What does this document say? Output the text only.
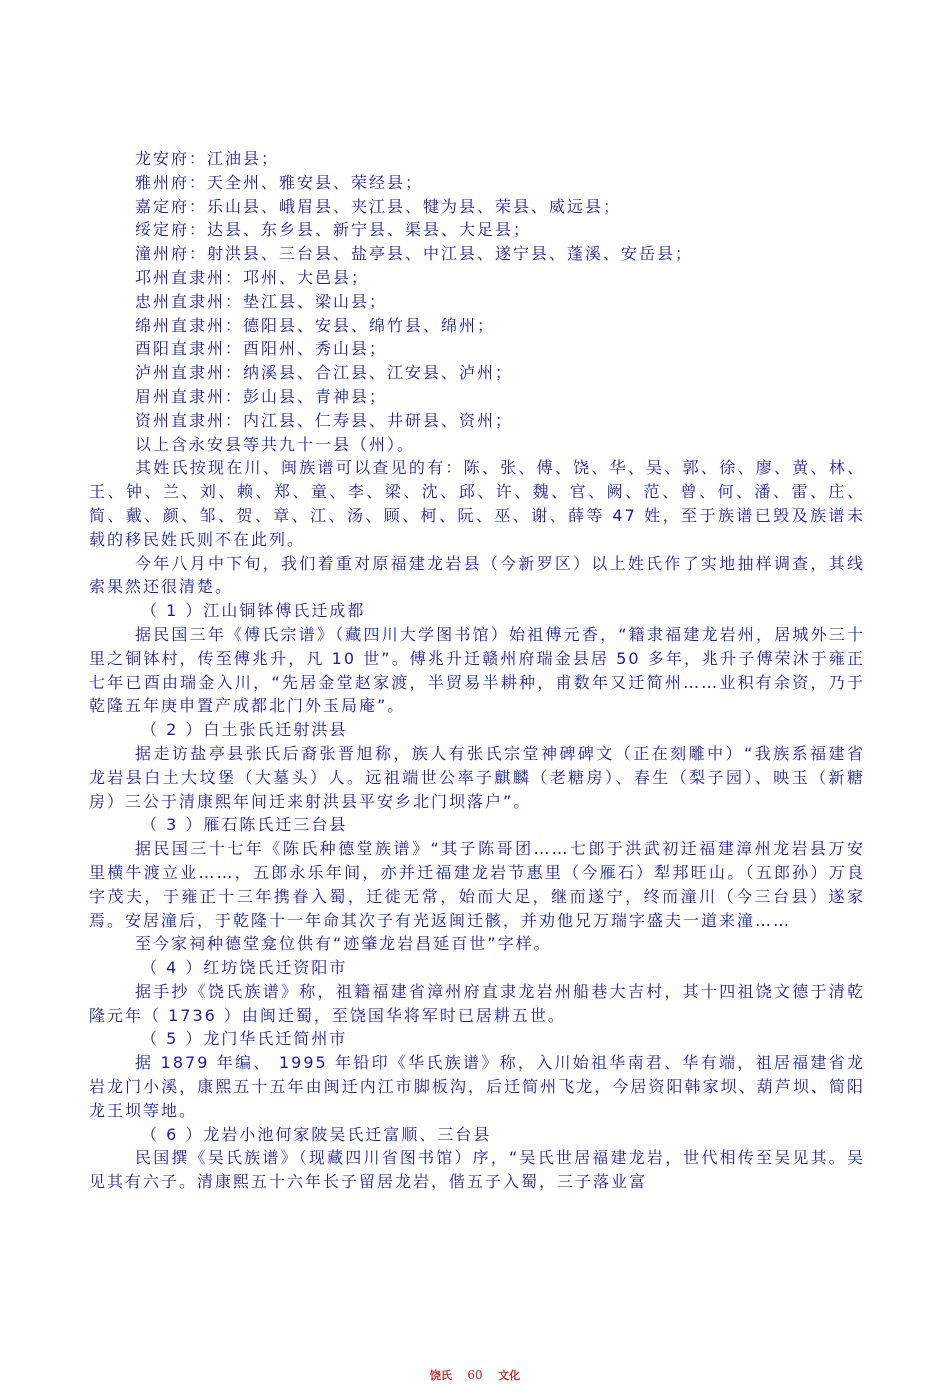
龙安府：江油县；

雅州府：天全州、雅安县、荣经县；

嘉定府：乐山县、峨眉县、夹江县、犍为县、荣县、威远县；

绥定府：达县、东乡县、新宁县、渠县、大足县；

潼州府：射洪县、三台县、盐亭县、中江县、遂宁县、蓬溪、安岳县；

邛州直隶州：邛州、大邑县；

忠州直隶州：垫江县、梁山县；

绵州直隶州：德阳县、安县、绵竹县、绵州；

酉阳直隶州：酉阳州、秀山县；

泸州直隶州：纳溪县、合江县、江安县、泸州；

眉州直隶州：彭山县、青神县；

资州直隶州：内江县、仁寿县、井研县、资州；

以上含永安县等共九十一县（州）。

其姓氏按现在川、闽族谱可以查见的有：陈、张、傅、饶、华、吴、郭、徐、廖、黄、林、王、钟、兰、刘、赖、郑、童、李、梁、沈、邱、许、魏、官、阙、范、曾、何、潘、雷、庄、简、戴、颜、邹、贺、章、江、汤、顾、柯、阮、巫、谢、薛等 47 姓，至于族谱已毁及族谱未载的移民姓氏则不在此列。

今年八月中下旬，我们着重对原福建龙岩县（今新罗区）以上姓氏作了实地抽样调查，其线索果然还很清楚。

（ 1 ）江山铜钵傅氏迁成都

据民国三年《傅氏宗谱》（藏四川大学图书馆）始祖傅元香，“籍隶福建龙岩州，居城外三十里之铜钵村，传至傅兆升，凡 10 世”。傅兆升迁赣州府瑞金县居 50 多年，兆升子傅荣沐于雍正七年已酉由瑞金入川，“先居金堂赵家渡，半贸易半耕种，甫数年又迁简州……业积有余资，乃于乾隆五年庚申置产成都北门外玉局庵”。

（ 2 ）白土张氏迁射洪县

据走访盐亭县张氏后裔张晋旭称，族人有张氏宗堂神碑碑文（正在刻雕中）“我族系福建省龙岩县白土大坟堡（大墓头）人。远祖端世公率子麒麟（老糖房）、春生（梨子园）、映玉（新糖房）三公于清康熙年间迁来射洪县平安乡北门坝落户”。

（ 3 ）雁石陈氏迁三台县

据民国三十七年《陈氏种德堂族谱》“其子陈哥团……七郎于洪武初迁福建漳州龙岩县万安里横牛渡立业……，五郎永乐年间，亦并迁福建龙岩节惠里（今雁石）犁邦旺山。（五郎孙）万良字茂夫，于雍正十三年携眷入蜀，迁徙无常，始而大足，继而遂宁，终而潼川（今三台县）遂家焉。安居潼后，于乾隆十一年命其次子有光返闽迁骸，并劝他兄万瑞字盛夫一道来潼……

至今家祠种德堂龛位供有“迹肇龙岩昌延百世”字样。

（ 4 ）红坊饶氏迁资阳市

据手抄《饶氏族谱》称，祖籍福建省漳州府直隶龙岩州船巷大吉村，其十四祖饶文德于清乾隆元年（ 1736 ）由闽迁蜀，至饶国华将军时已居耕五世。

（ 5 ）龙门华氏迁简州市

据 1879 年编、 1995 年铅印《华氏族谱》称，入川始祖华南君、华有端，祖居福建省龙岩龙门小溪，康熙五十五年由闽迁内江市脚板沟，后迁简州飞龙，今居资阳韩家坝、葫芦坝、简阳龙王坝等地。

（ 6 ）龙岩小池何家陂吴氏迁富顺、三台县

民国撰《吴氏族谱》（现藏四川省图书馆）序，“吴氏世居福建龙岩，世代相传至吴见其。吴见其有六子。清康熙五十六年长子留居龙岩，偕五子入蜀，三子落业富

饶氏 60 文化
